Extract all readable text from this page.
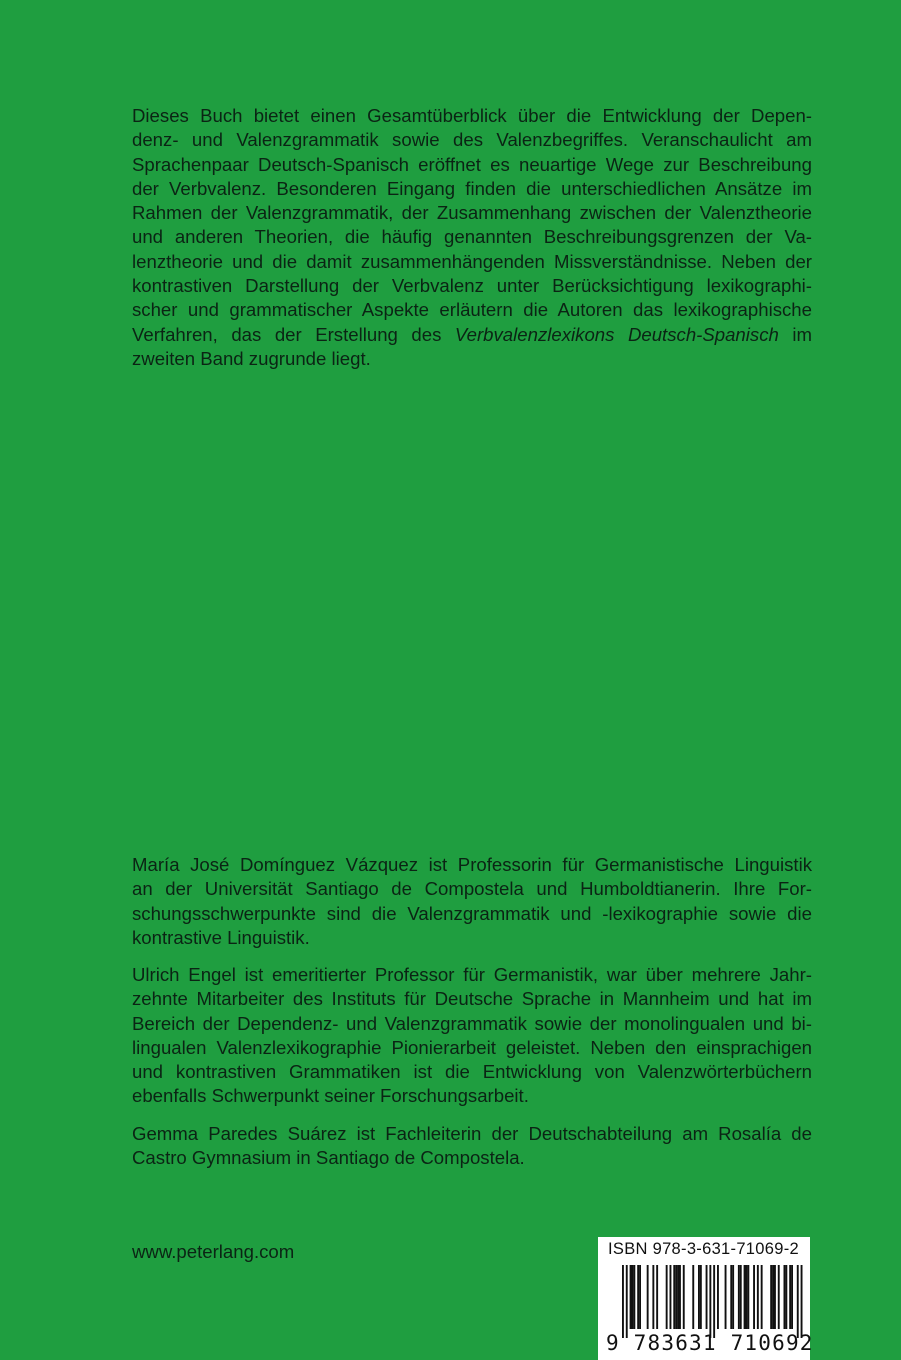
Dieses Buch bietet einen Gesamtüberblick über die Entwicklung der Depen-
denz- und Valenzgrammatik sowie des Valenzbegriffes. Veranschaulicht am
Sprachenpaar Deutsch-Spanisch eröffnet es neuartige Wege zur Beschreibung
der Verbvalenz. Besonderen Eingang finden die unterschiedlichen Ansätze im
Rahmen der Valenzgrammatik, der Zusammenhang zwischen der Valenztheorie
und anderen Theorien, die häufig genannten Beschreibungsgrenzen der Va-
lenztheorie und die damit zusammenhängenden Missverständnisse. Neben der
kontrastiven Darstellung der Verbvalenz unter Berücksichtigung lexikographi-
scher und grammatischer Aspekte erläutern die Autoren das lexikographische
Verfahren, das der Erstellung des Verbvalenzlexikons Deutsch-Spanisch im
zweiten Band zugrunde liegt.
María José Domínguez Vázquez ist Professorin für Germanistische Linguistik
an der Universität Santiago de Compostela und Humboldtianerin. Ihre For-
schungsschwerpunkte sind die Valenzgrammatik und -lexikographie sowie die
kontrastive Linguistik.
Ulrich Engel ist emeritierter Professor für Germanistik, war über mehrere Jahr-
zehnte Mitarbeiter des Instituts für Deutsche Sprache in Mannheim und hat im
Bereich der Dependenz- und Valenzgrammatik sowie der monolingualen und bi-
lingualen Valenzlexikographie Pionierarbeit geleistet. Neben den einsprachigen
und kontrastiven Grammatiken ist die Entwicklung von Valenzwörterbüchern
ebenfalls Schwerpunkt seiner Forschungsarbeit.
Gemma Paredes Suárez ist Fachleiterin der Deutschabteilung am Rosalía de
Castro Gymnasium in Santiago de Compostela.
www.peterlang.com	ISBN 978-3-631-71069-2
9 783631 710692
